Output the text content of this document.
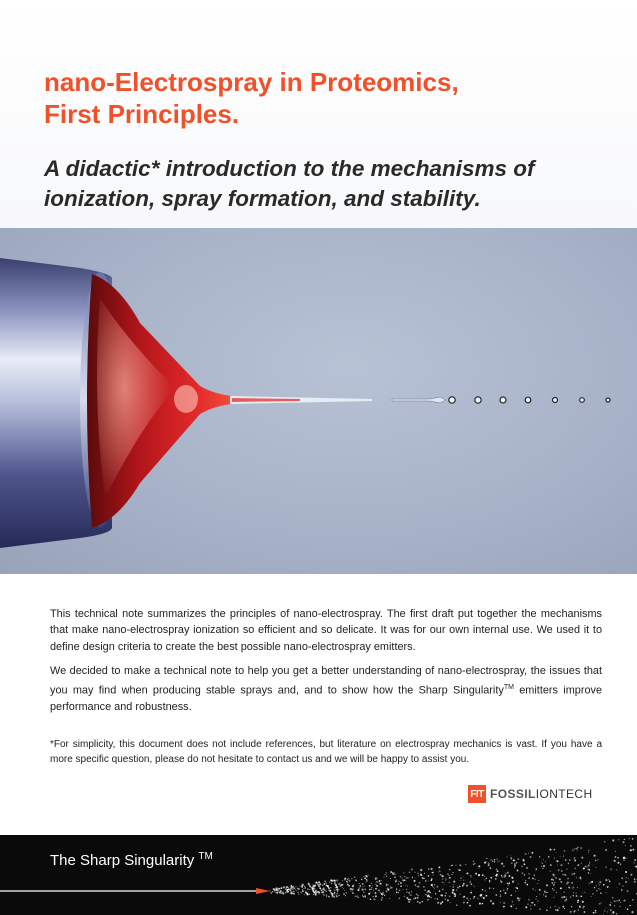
nano-Electrospray in Proteomics,
First Principles.
A didactic* introduction to the mechanisms of
ionization, spray formation, and stability.

This technical note summarizes the principles of nano-electrospray. The first draft put together the mechanisms that make nano-electrospray ionization so efficient and so delicate. It was for our own internal use. We used it to define design criteria to create the best possible nano-electrospray emitters.

We decided to make a technical note to help you get a better understanding of nano-electrospray, the issues that you may find when producing stable sprays and, and to show how the Sharp Singularity™ emitters improve performance and robustness.

*For simplicity, this document does not include references, but literature on electrospray mechanics is vast. If you have a more specific question, please do not hesitate to contact us and we will be happy to assist you.

FIT FOSSILIONTECH
The Sharp Singularity ™
